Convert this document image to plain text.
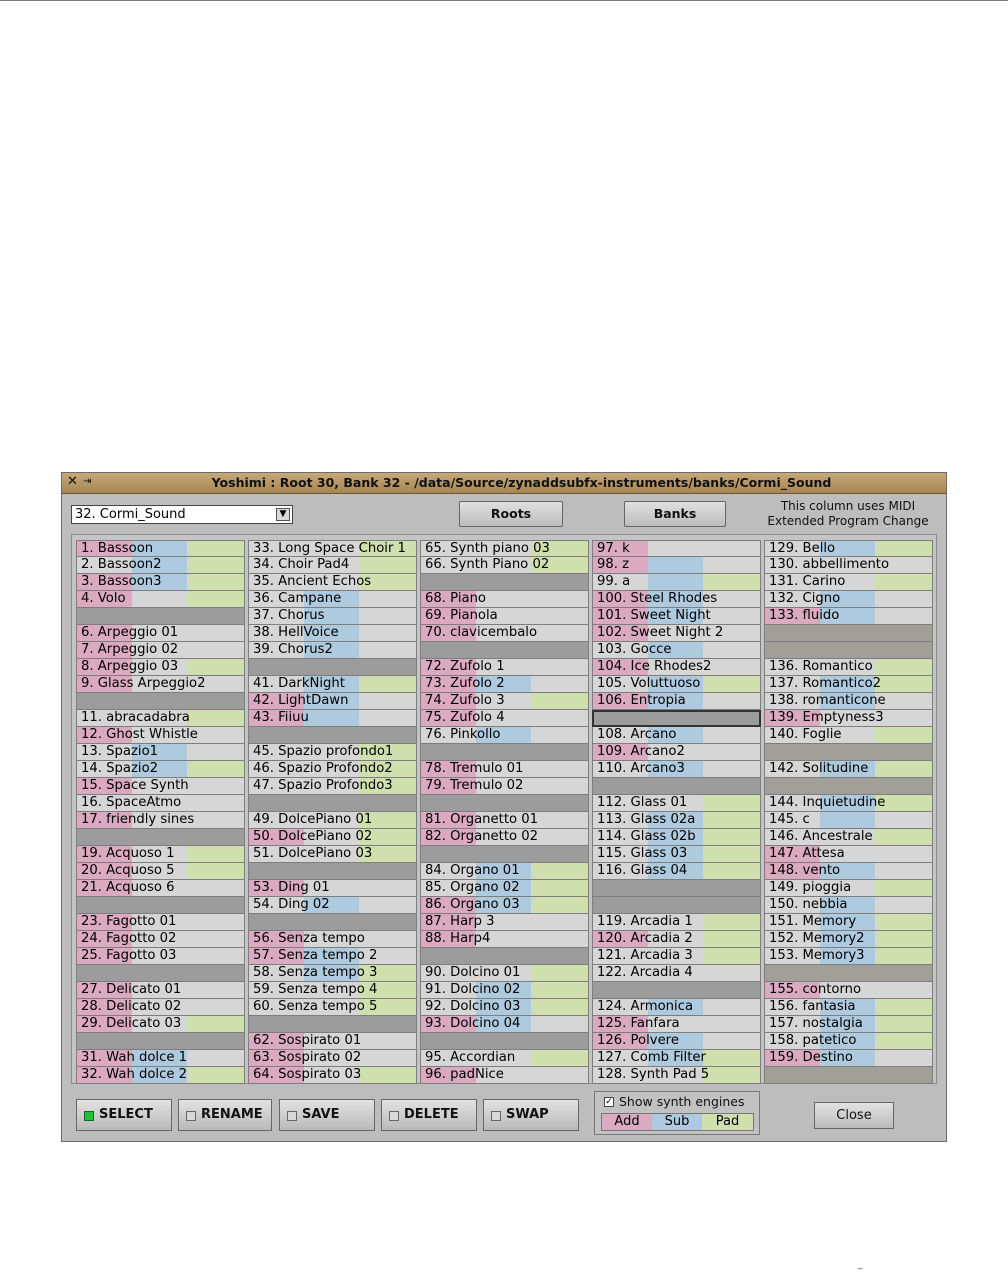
✕ ⇥	Yoshimi : Root 30, Bank 32 - /data/Source/zynaddsubfx-instruments/banks/Cormi_Sound
32. Cormi_Sound	▼	Roots	Banks	This column uses MIDI
Extended Program Change
1. Bassoon
2. Bassoon2
3. Bassoon3
4. Volo
6. Arpeggio 01
7. Arpeggio 02
8. Arpeggio 03
9. Glass Arpeggio2
11. abracadabra
12. Ghost Whistle
13. Spazio1
14. Spazio2
15. Space Synth
16. SpaceAtmo
17. friendly sines
19. Acquoso 1
20. Acquoso 5
21. Acquoso 6
23. Fagotto 01
24. Fagotto 02
25. Fagotto 03
27. Delicato 01
28. Delicato 02
29. Delicato 03
31. Wah dolce 1
32. Wah dolce 2
33. Long Space Choir 1
34. Choir Pad4
35. Ancient Echos
36. Campane
37. Chorus
38. HellVoice
39. Chorus2
41. DarkNight
42. LightDawn
43. Fiiuu
45. Spazio profondo1
46. Spazio Profondo2
47. Spazio Profondo3
49. DolcePiano 01
50. DolcePiano 02
51. DolcePiano 03
53. Ding 01
54. Ding 02
56. Senza tempo
57. Senza tempo 2
58. Senza tempo 3
59. Senza tempo 4
60. Senza tempo 5
62. Sospirato 01
63. Sospirato 02
64. Sospirato 03
65. Synth piano 03
66. Synth Piano 02
68. Piano
69. Pianola
70. clavicembalo
72. Zufolo 1
73. Zufolo 2
74. Zufolo 3
75. Zufolo 4
76. Pinkollo
78. Tremulo 01
79. Tremulo 02
81. Organetto 01
82. Organetto 02
84. Organo 01
85. Organo 02
86. Organo 03
87. Harp 3
88. Harp4
90. Dolcino 01
91. Dolcino 02
92. Dolcino 03
93. Dolcino 04
95. Accordian
96. padNice
97. k
98. z
99. a
100. Steel Rhodes
101. Sweet Night
102. Sweet Night 2
103. Gocce
104. Ice Rhodes2
105. Voluttuoso
106. Entropia
108. Arcano
109. Arcano2
110. Arcano3
112. Glass 01
113. Glass 02a
114. Glass 02b
115. Glass 03
116. Glass 04
119. Arcadia 1
120. Arcadia 2
121. Arcadia 3
122. Arcadia 4
124. Armonica
125. Fanfara
126. Polvere
127. Comb Filter
128. Synth Pad 5
129. Bello
130. abbellimento
131. Carino
132. Cigno
133. fluido
136. Romantico
137. Romantico2
138. romanticone
139. Emptyness3
140. Foglie
142. Solitudine
144. Inquietudine
145. c
146. Ancestrale
147. Attesa
148. vento
149. pioggia
150. nebbia
151. Memory
152. Memory2
153. Memory3
155. contorno
156. fantasia
157. nostalgia
158. patetico
159. Destino
SELECT	RENAME	SAVE	DELETE	SWAP
✓ Show synth engines
Add	Sub	Pad	Close
‾
